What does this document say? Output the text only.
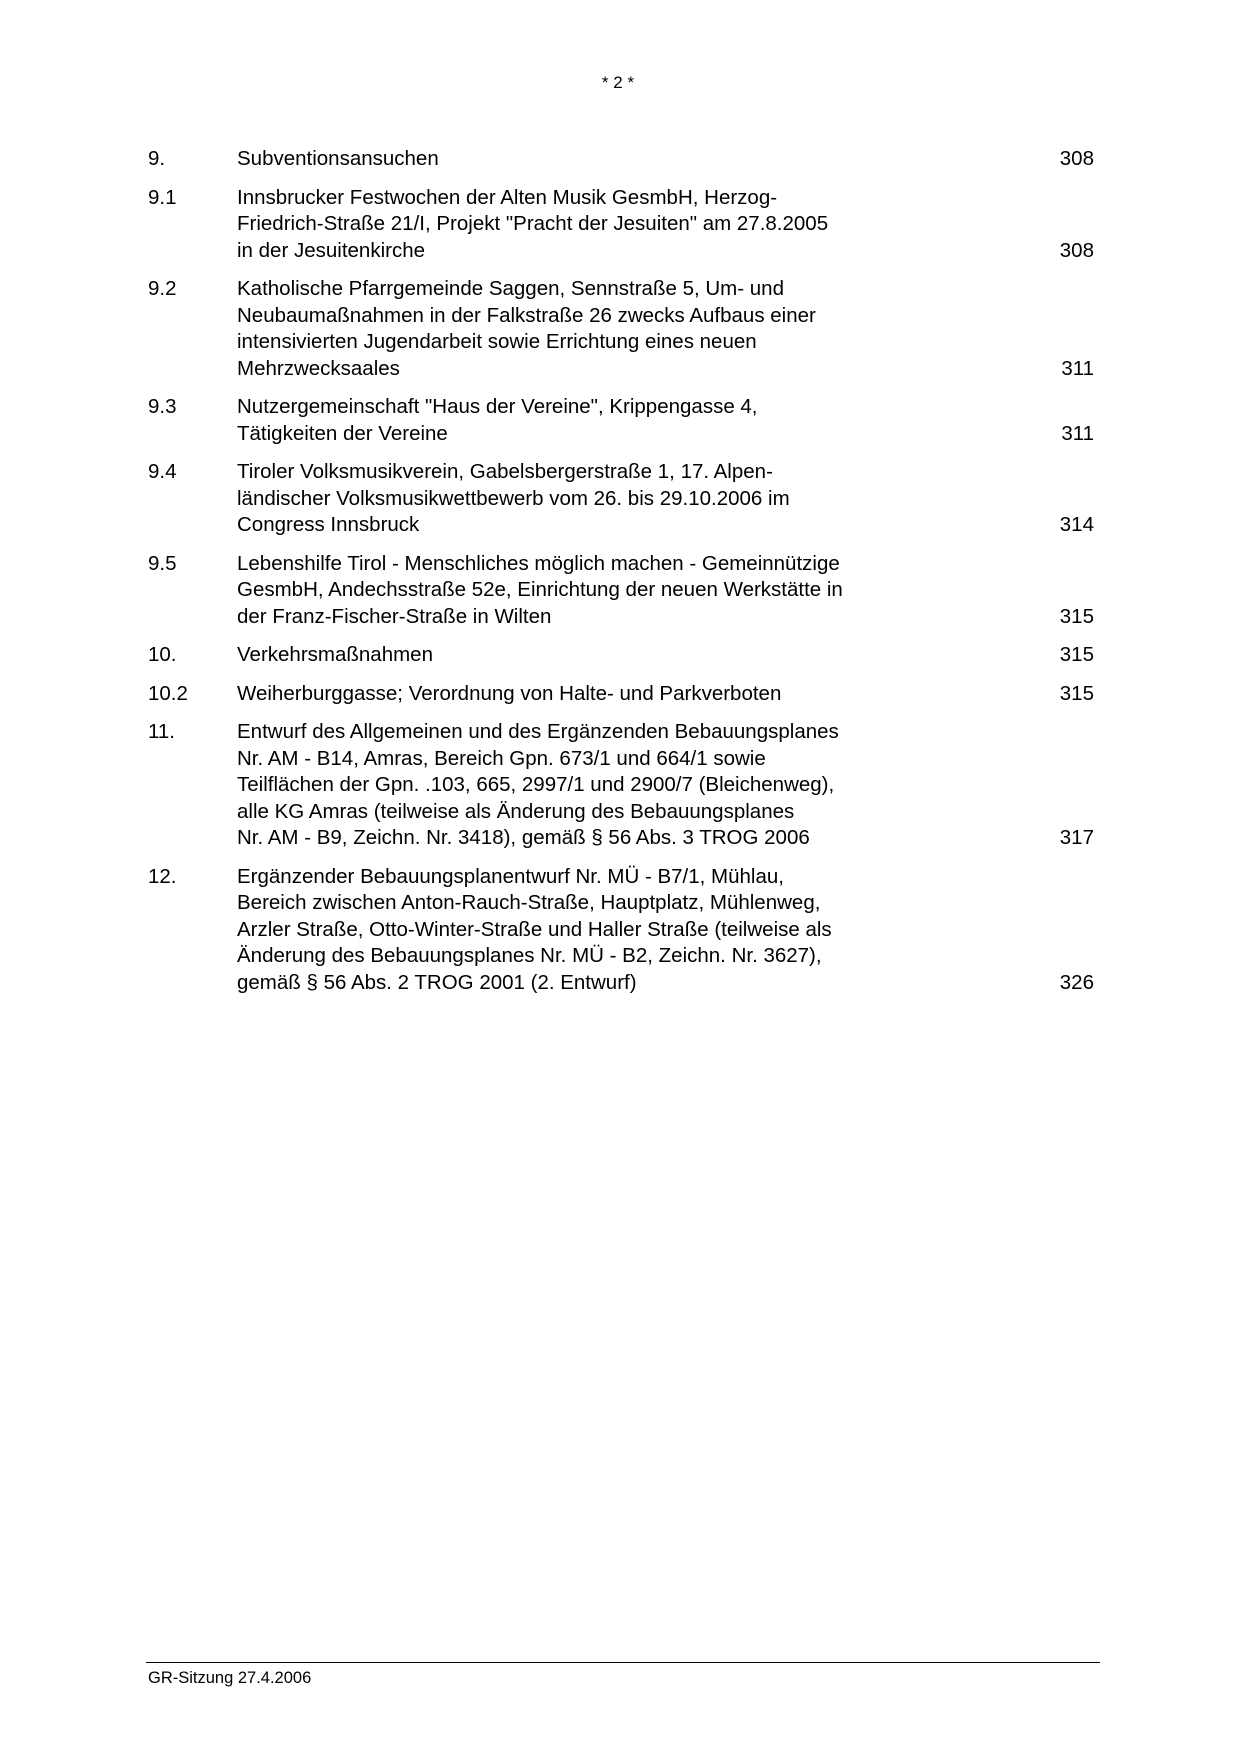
* 2 *
9.	Subventionsansuchen	308
9.1	Innsbrucker Festwochen der Alten Musik GesmbH, Herzog-
Friedrich-Straße 21/I, Projekt "Pracht der Jesuiten" am 27.8.2005
in der Jesuitenkirche	308
9.2	Katholische Pfarrgemeinde Saggen, Sennstraße 5, Um- und
Neubaumaßnahmen in der Falkstraße 26 zwecks Aufbaus einer
intensivierten Jugendarbeit sowie Errichtung eines neuen
Mehrzwecksaales	311
9.3	Nutzergemeinschaft "Haus der Vereine", Krippengasse 4,
Tätigkeiten der Vereine	311
9.4	Tiroler Volksmusikverein, Gabelsbergerstraße 1, 17. Alpen-
ländischer Volksmusikwettbewerb vom 26. bis 29.10.2006 im
Congress Innsbruck	314
9.5	Lebenshilfe Tirol - Menschliches möglich machen - Gemeinnützige
GesmbH, Andechsstraße 52e, Einrichtung der neuen Werkstätte in
der Franz-Fischer-Straße in Wilten	315
10.	Verkehrsmaßnahmen	315
10.2	Weiherburggasse; Verordnung von Halte- und Parkverboten	315
11.	Entwurf des Allgemeinen und des Ergänzenden Bebauungsplanes
Nr. AM - B14, Amras, Bereich Gpn. 673/1 und 664/1 sowie
Teilflächen der Gpn. .103, 665, 2997/1 und 2900/7 (Bleichenweg),
alle KG Amras (teilweise als Änderung des Bebauungsplanes
Nr. AM - B9, Zeichn. Nr. 3418), gemäß § 56 Abs. 3 TROG 2006	317
12.	Ergänzender Bebauungsplanentwurf Nr. MÜ - B7/1, Mühlau,
Bereich zwischen Anton-Rauch-Straße, Hauptplatz, Mühlenweg,
Arzler Straße, Otto-Winter-Straße und Haller Straße (teilweise als
Änderung des Bebauungsplanes Nr. MÜ - B2, Zeichn. Nr. 3627),
gemäß § 56 Abs. 2 TROG 2001 (2. Entwurf)	326
GR-Sitzung 27.4.2006
